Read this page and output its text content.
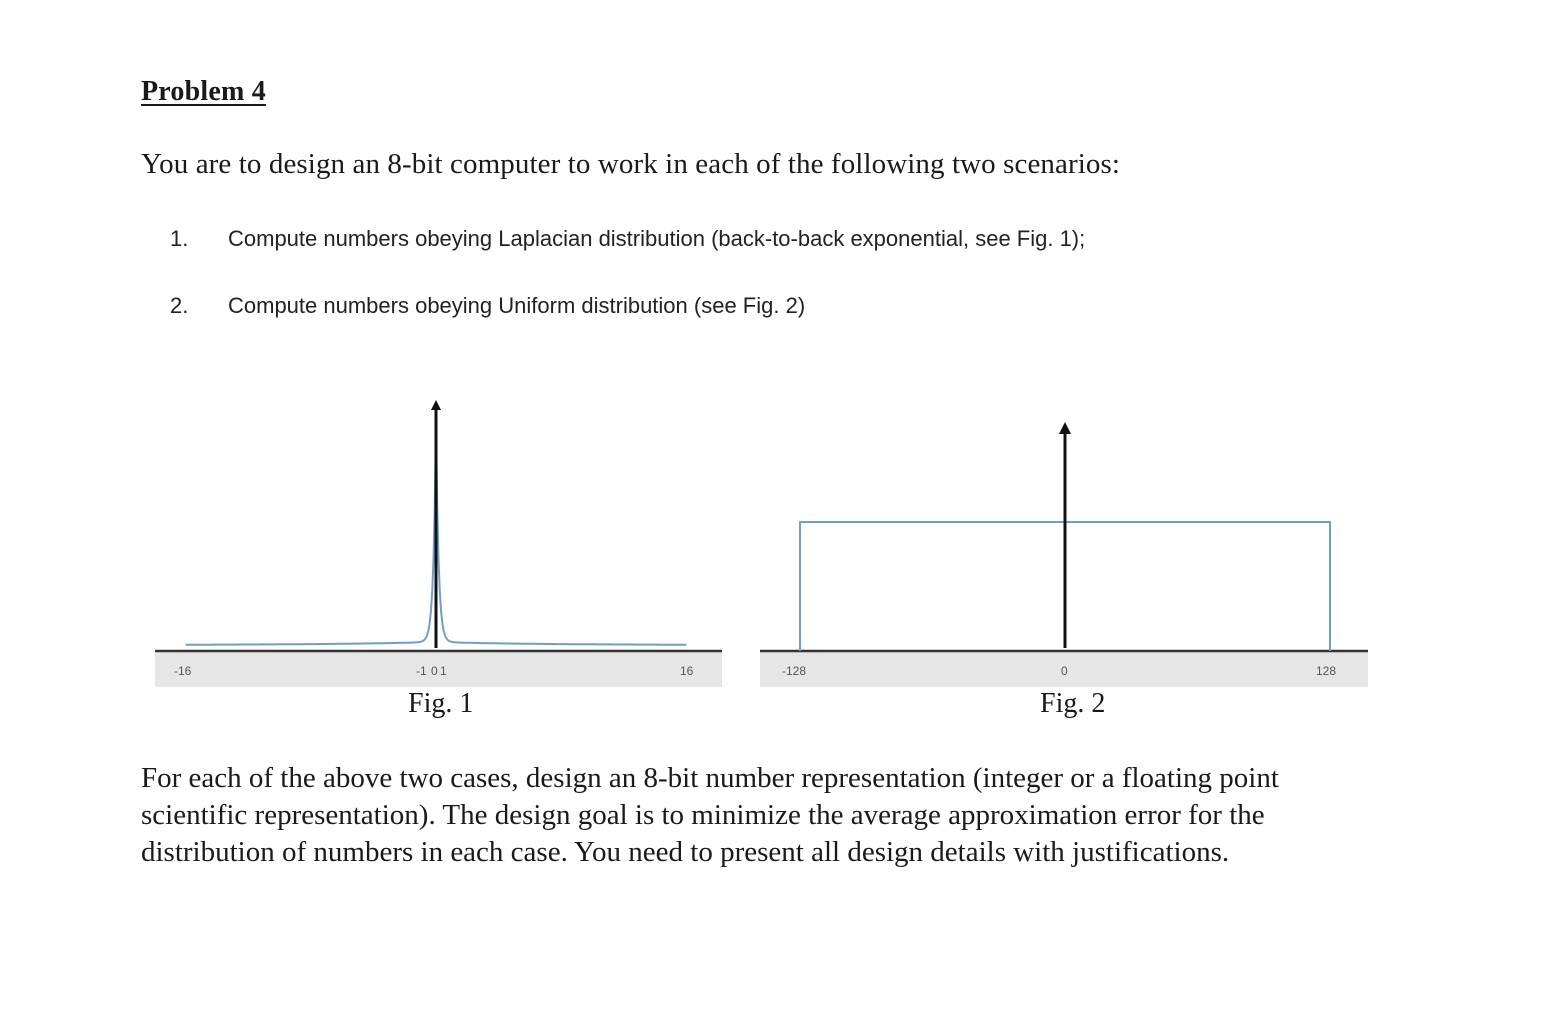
Problem 4
You are to design an 8-bit computer to work in each of the following two scenarios:
1. Compute numbers obeying Laplacian distribution (back-to-back exponential, see Fig. 1);
2. Compute numbers obeying Uniform distribution (see Fig. 2)
-16	-1 0 1	16
Fig. 1
-128	0	128
Fig. 2
For each of the above two cases, design an 8-bit number representation (integer or a floating point scientific representation). The design goal is to minimize the average approximation error for the distribution of numbers in each case. You need to present all design details with justifications.
